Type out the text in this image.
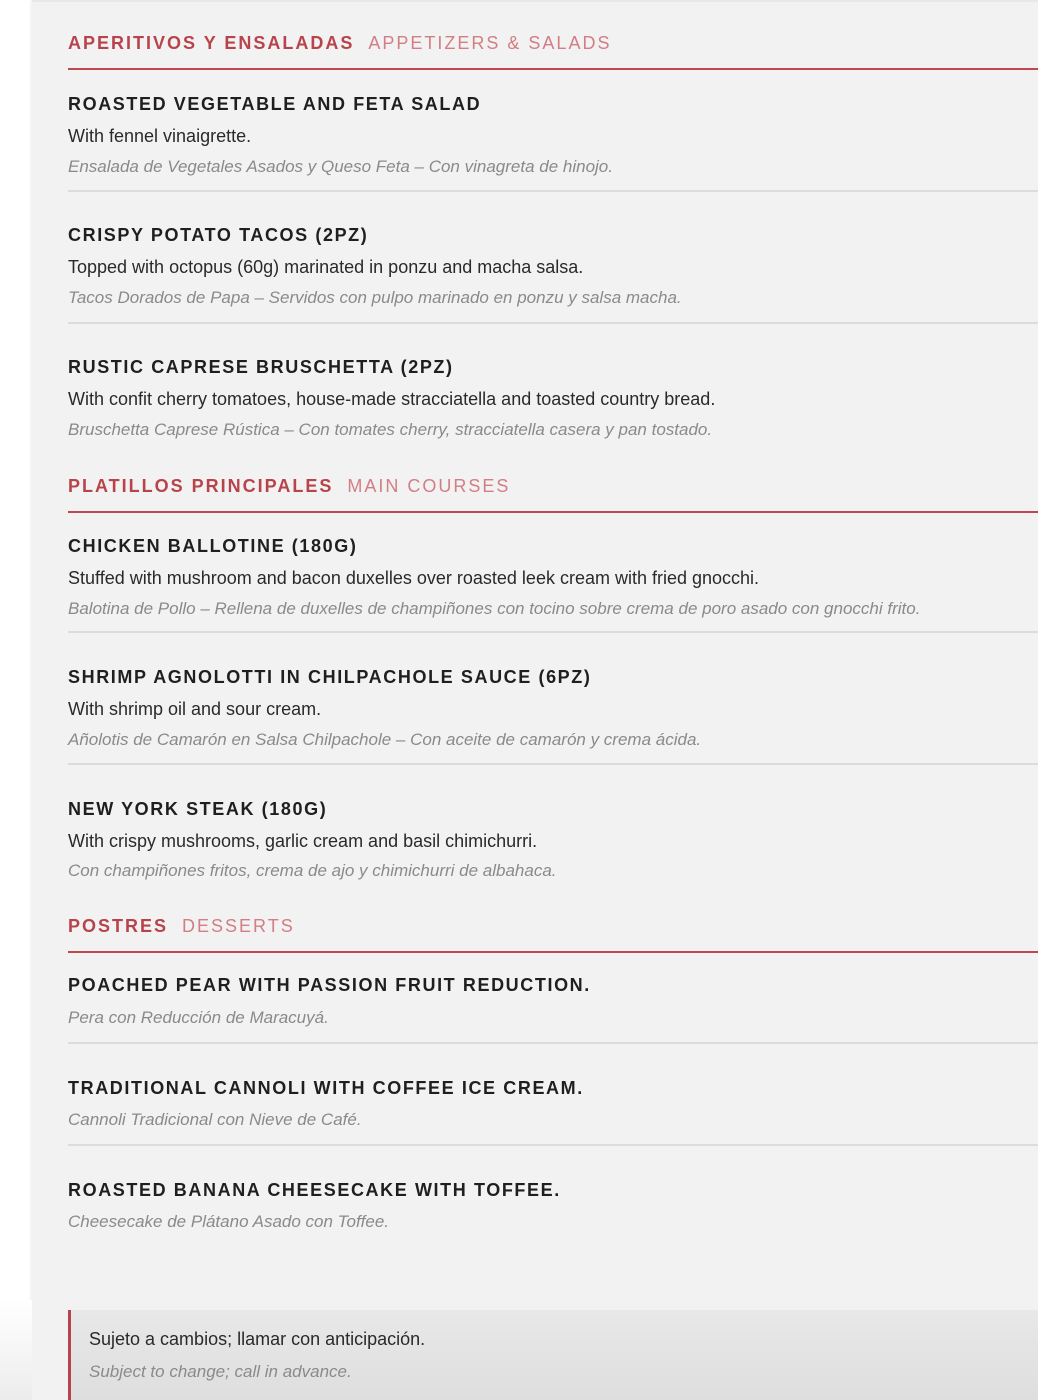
APERITIVOS Y ENSALADAS APPETIZERS & SALADS
ROASTED VEGETABLE AND FETA SALAD
With fennel vinaigrette.
Ensalada de Vegetales Asados y Queso Feta – Con vinagreta de hinojo.
CRISPY POTATO TACOS (2PZ)
Topped with octopus (60g) marinated in ponzu and macha salsa.
Tacos Dorados de Papa – Servidos con pulpo marinado en ponzu y salsa macha.
RUSTIC CAPRESE BRUSCHETTA (2PZ)
With confit cherry tomatoes, house-made stracciatella and toasted country bread.
Bruschetta Caprese Rústica – Con tomates cherry, stracciatella casera y pan tostado.
PLATILLOS PRINCIPALES MAIN COURSES
CHICKEN BALLOTINE (180G)
Stuffed with mushroom and bacon duxelles over roasted leek cream with fried gnocchi.
Balotina de Pollo – Rellena de duxelles de champiñones con tocino sobre crema de poro asado con gnocchi frito.
SHRIMP AGNOLOTTI IN CHILPACHOLE SAUCE (6PZ)
With shrimp oil and sour cream.
Añolotis de Camarón en Salsa Chilpachole – Con aceite de camarón y crema ácida.
NEW YORK STEAK (180G)
With crispy mushrooms, garlic cream and basil chimichurri.
Con champiñones fritos, crema de ajo y chimichurri de albahaca.
POSTRES DESSERTS
POACHED PEAR WITH PASSION FRUIT REDUCTION.
Pera con Reducción de Maracuyá.
TRADITIONAL CANNOLI WITH COFFEE ICE CREAM.
Cannoli Tradicional con Nieve de Café.
ROASTED BANANA CHEESECAKE WITH TOFFEE.
Cheesecake de Plátano Asado con Toffee.
Sujeto a cambios; llamar con anticipación.
Subject to change; call in advance.
